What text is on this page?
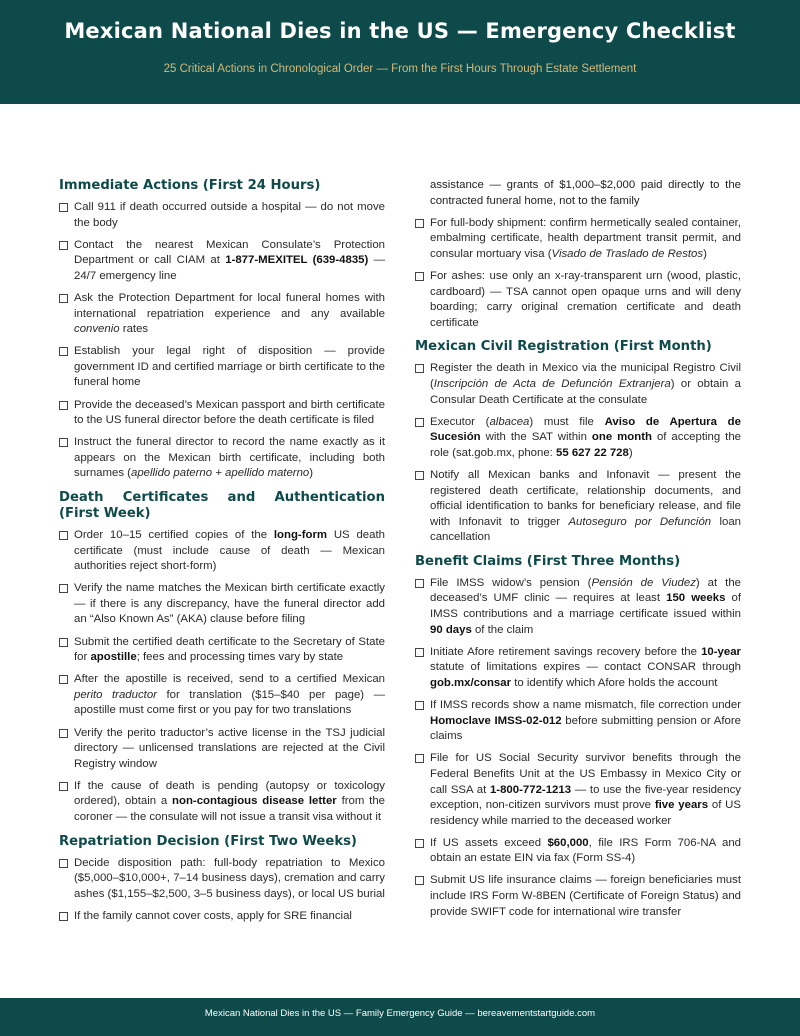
Mexican National Dies in the US — Emergency Checklist
25 Critical Actions in Chronological Order — From the First Hours Through Estate Settlement
Immediate Actions (First 24 Hours)
Call 911 if death occurred outside a hospital — do not move the body
Contact the nearest Mexican Consulate’s Protection Department or call CIAM at 1-877-MEXITEL (639-4835) — 24/7 emergency line
Ask the Protection Department for local funeral homes with international repatriation experience and any available convenio rates
Establish your legal right of disposition — provide government ID and certified marriage or birth certificate to the funeral home
Provide the deceased’s Mexican passport and birth certificate to the US funeral director before the death certificate is filed
Instruct the funeral director to record the name exactly as it appears on the Mexican birth certificate, including both surnames (apellido paterno + apellido materno)
Death Certificates and Authentication (First Week)
Order 10–15 certified copies of the long-form US death certificate (must include cause of death — Mexican authorities reject short-form)
Verify the name matches the Mexican birth certificate exactly — if there is any discrepancy, have the funeral director add an “Also Known As” (AKA) clause before filing
Submit the certified death certificate to the Secretary of State for apostille; fees and processing times vary by state
After the apostille is received, send to a certified Mexican perito traductor for translation ($15–$40 per page) — apostille must come first or you pay for two translations
Verify the perito traductor’s active license in the TSJ judicial directory — unlicensed translations are rejected at the Civil Registry window
If the cause of death is pending (autopsy or toxicology ordered), obtain a non-contagious disease letter from the coroner — the consulate will not issue a transit visa without it
Repatriation Decision (First Two Weeks)
Decide disposition path: full-body repatriation to Mexico ($5,000–$10,000+, 7–14 business days), cremation and carry ashes ($1,155–$2,500, 3–5 business days), or local US burial
If the family cannot cover costs, apply for SRE financial
assistance — grants of $1,000–$2,000 paid directly to the contracted funeral home, not to the family
For full-body shipment: confirm hermetically sealed container, embalming certificate, health department transit permit, and consular mortuary visa (Visado de Traslado de Restos)
For ashes: use only an x-ray-transparent urn (wood, plastic, cardboard) — TSA cannot open opaque urns and will deny boarding; carry original cremation certificate and death certificate
Mexican Civil Registration (First Month)
Register the death in Mexico via the municipal Registro Civil (Inscripción de Acta de Defunción Extranjera) or obtain a Consular Death Certificate at the consulate
Executor (albacea) must file Aviso de Apertura de Sucesión with the SAT within one month of accepting the role (sat.gob.mx, phone: 55 627 22 728)
Notify all Mexican banks and Infonavit — present the registered death certificate, relationship documents, and official identification to banks for beneficiary release, and file with Infonavit to trigger Autoseguro por Defunción loan cancellation
Benefit Claims (First Three Months)
File IMSS widow’s pension (Pensión de Viudez) at the deceased’s UMF clinic — requires at least 150 weeks of IMSS contributions and a marriage certificate issued within 90 days of the claim
Initiate Afore retirement savings recovery before the 10-year statute of limitations expires — contact CONSAR through gob.mx/consar to identify which Afore holds the account
If IMSS records show a name mismatch, file correction under Homoclave IMSS-02-012 before submitting pension or Afore claims
File for US Social Security survivor benefits through the Federal Benefits Unit at the US Embassy in Mexico City or call SSA at 1-800-772-1213 — to use the five-year residency exception, non-citizen survivors must prove five years of US residency while married to the deceased worker
If US assets exceed $60,000, file IRS Form 706-NA and obtain an estate EIN via fax (Form SS-4)
Submit US life insurance claims — foreign beneficiaries must include IRS Form W-8BEN (Certificate of Foreign Status) and provide SWIFT code for international wire transfer
Mexican National Dies in the US — Family Emergency Guide — bereavementstartguide.com
